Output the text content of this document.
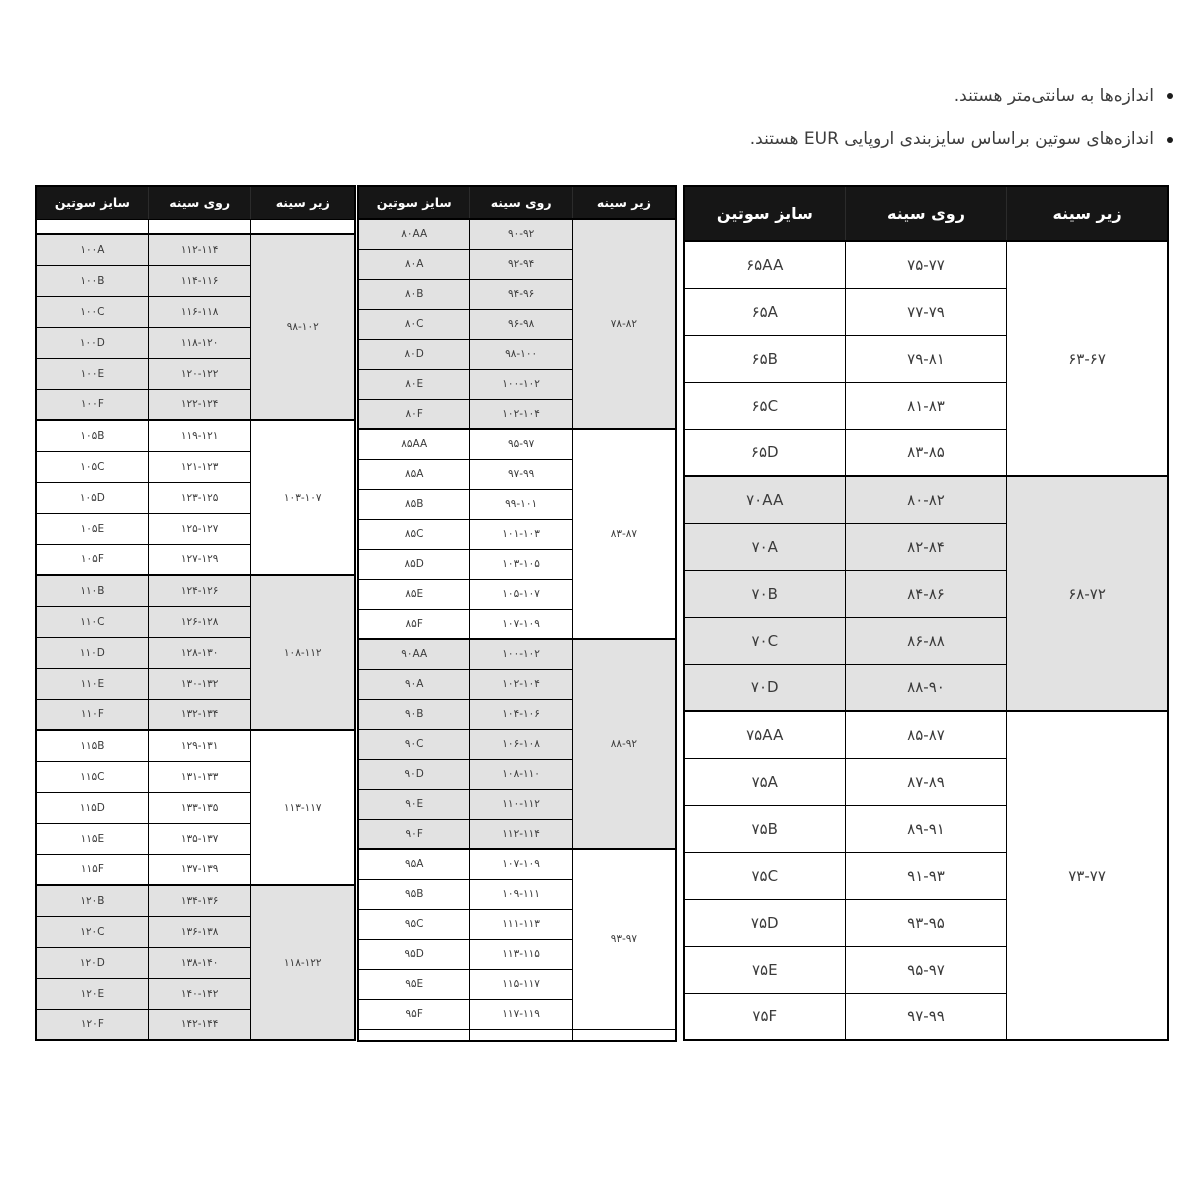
اندازه‌ها به سانتی‌متر هستند.
اندازه‌های سوتین براساس سایزبندی اروپایی EUR هستند.
سایز سوتین	روی سینه	زیر سینه

۱۰۰A	۱۱۲-۱۱۴	۹۸-۱۰۲
۱۰۰B	۱۱۴-۱۱۶	
۱۰۰C	۱۱۶-۱۱۸	
۱۰۰D	۱۱۸-۱۲۰	
۱۰۰E	۱۲۰-۱۲۲	
۱۰۰F	۱۲۲-۱۲۴	
۱۰۵B	۱۱۹-۱۲۱	۱۰۳-۱۰۷
۱۰۵C	۱۲۱-۱۲۳	
۱۰۵D	۱۲۳-۱۲۵	
۱۰۵E	۱۲۵-۱۲۷	
۱۰۵F	۱۲۷-۱۲۹	
۱۱۰B	۱۲۴-۱۲۶	۱۰۸-۱۱۲
۱۱۰C	۱۲۶-۱۲۸	
۱۱۰D	۱۲۸-۱۳۰	
۱۱۰E	۱۳۰-۱۳۲	
۱۱۰F	۱۳۲-۱۳۴	
۱۱۵B	۱۲۹-۱۳۱	۱۱۳-۱۱۷
۱۱۵C	۱۳۱-۱۳۳	
۱۱۵D	۱۳۳-۱۳۵	
۱۱۵E	۱۳۵-۱۳۷	
۱۱۵F	۱۳۷-۱۳۹	
۱۲۰B	۱۳۴-۱۳۶	۱۱۸-۱۲۲
۱۲۰C	۱۳۶-۱۳۸	
۱۲۰D	۱۳۸-۱۴۰	
۱۲۰E	۱۴۰-۱۴۲	
۱۲۰F	۱۴۲-۱۴۴	
سایز سوتین	روی سینه	زیر سینه
۸۰AA	۹۰-۹۲	۷۸-۸۲
۸۰A	۹۲-۹۴	
۸۰B	۹۴-۹۶	
۸۰C	۹۶-۹۸	
۸۰D	۹۸-۱۰۰	
۸۰E	۱۰۰-۱۰۲	
۸۰F	۱۰۲-۱۰۴	
۸۵AA	۹۵-۹۷	۸۳-۸۷
۸۵A	۹۷-۹۹	
۸۵B	۹۹-۱۰۱	
۸۵C	۱۰۱-۱۰۳	
۸۵D	۱۰۳-۱۰۵	
۸۵E	۱۰۵-۱۰۷	
۸۵F	۱۰۷-۱۰۹	
۹۰AA	۱۰۰-۱۰۲	۸۸-۹۲
۹۰A	۱۰۲-۱۰۴	
۹۰B	۱۰۴-۱۰۶	
۹۰C	۱۰۶-۱۰۸	
۹۰D	۱۰۸-۱۱۰	
۹۰E	۱۱۰-۱۱۲	
۹۰F	۱۱۲-۱۱۴	
۹۵A	۱۰۷-۱۰۹	۹۳-۹۷
۹۵B	۱۰۹-۱۱۱	
۹۵C	۱۱۱-۱۱۳	
۹۵D	۱۱۳-۱۱۵	
۹۵E	۱۱۵-۱۱۷	
۹۵F	۱۱۷-۱۱۹	

سایز سوتین	روی سینه	زیر سینه
۶۵AA	۷۵-۷۷	۶۳-۶۷
۶۵A	۷۷-۷۹	
۶۵B	۷۹-۸۱	
۶۵C	۸۱-۸۳	
۶۵D	۸۳-۸۵	
۷۰AA	۸۰-۸۲	۶۸-۷۲
۷۰A	۸۲-۸۴	
۷۰B	۸۴-۸۶	
۷۰C	۸۶-۸۸	
۷۰D	۸۸-۹۰	
۷۵AA	۸۵-۸۷	۷۳-۷۷
۷۵A	۸۷-۸۹	
۷۵B	۸۹-۹۱	
۷۵C	۹۱-۹۳	
۷۵D	۹۳-۹۵	
۷۵E	۹۵-۹۷	
۷۵F	۹۷-۹۹	
